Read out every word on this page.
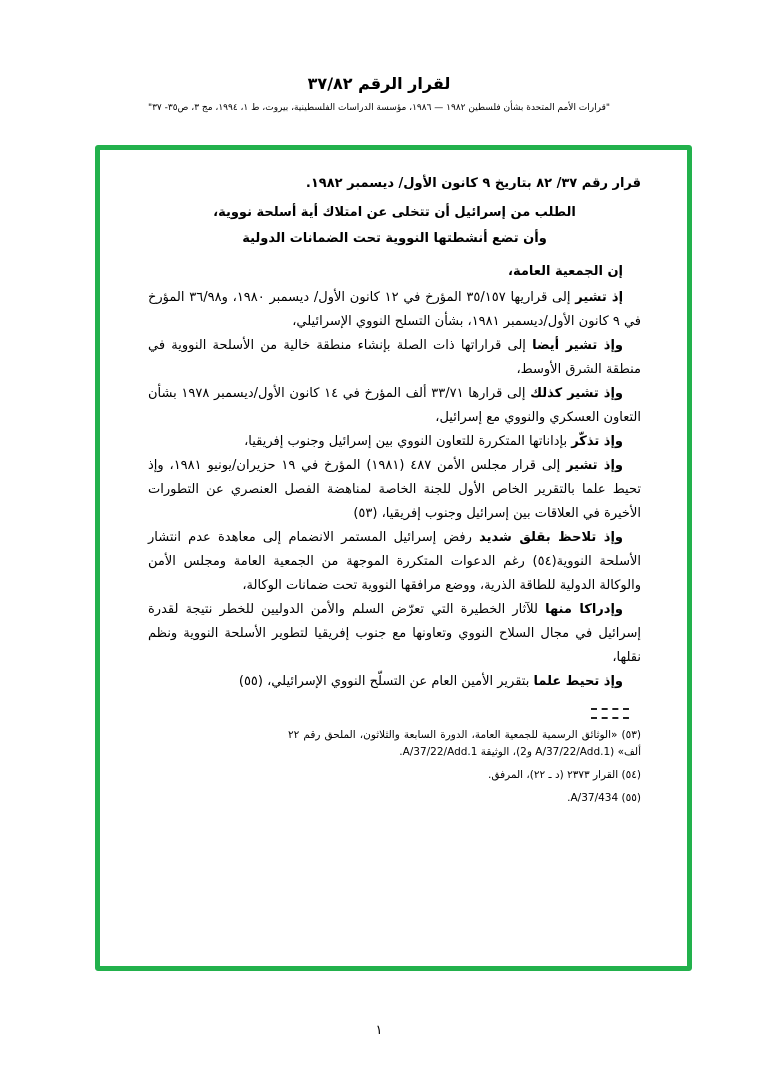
لقرار الرقم ٣٧/٨٢
"قرارات الأمم المتحدة بشأن فلسطين ١٩٨٢ — ١٩٨٦، مؤسسة الدراسات الفلسطينية، بيروت، ط ١، ١٩٩٤، مج ٣، ص٣٥- ٣٧"

قرار رقم ٣٧/ ٨٢ بتاريخ ٩ كانون الأول/ ديسمبر ١٩٨٢.

الطلب من إسرائيل أن تتخلى عن امتلاك أية أسلحة نووية،
وأن تضع أنشطتها النووية تحت الضمانات الدولية

إن الجمعية العامة،

إذ تشير إلى قراريها ٣٥/١٥٧ المؤرخ في ١٢ كانون الأول/ ديسمبر ١٩٨٠، و٣٦/٩٨ المؤرخ في ٩ كانون الأول/ديسمبر ١٩٨١، بشأن التسلح النووي الإسرائيلي،

وإذ تشير أيضا إلى قراراتها ذات الصلة بإنشاء منطقة خالية من الأسلحة النووية في منطقة الشرق الأوسط،

وإذ تشير كذلك إلى قرارها ٣٣/٧١ ألف المؤرخ في ١٤ كانون الأول/ديسمبر ١٩٧٨ بشأن التعاون العسكري والنووي مع إسرائيل،

وإذ تذكّر بإداناتها المتكررة للتعاون النووي بين إسرائيل وجنوب إفريقيا،

وإذ تشير إلى قرار مجلس الأمن ٤٨٧ (١٩٨١) المؤرخ في ١٩ حزيران/يونيو ١٩٨١، وإذ تحيط علما بالتقرير الخاص الأول للجنة الخاصة لمناهضة الفصل العنصري عن التطورات الأخيرة في العلاقات بين إسرائيل وجنوب إفريقيا، (٥٣)

وإذ تلاحظ بقلق شديد رفض إسرائيل المستمر الانضمام إلى معاهدة عدم انتشار الأسلحة النووية(٥٤) رغم الدعوات المتكررة الموجهة من الجمعية العامة ومجلس الأمن والوكالة الدولية للطاقة الذرية، ووضع مرافقها النووية تحت ضمانات الوكالة،

وإدراكا منها للآثار الخطيرة التي تعرّض السلم والأمن الدوليين للخطر نتيجة لقدرة إسرائيل في مجال السلاح النووي وتعاونها مع جنوب إفريقيا لتطوير الأسلحة النووية ونظم نقلها،

وإذ تحيط علما بتقرير الأمين العام عن التسلّح النووي الإسرائيلي، (٥٥)

(٥٣) «الوثائق الرسمية للجمعية العامة، الدورة السابعة والثلاثون، الملحق رقم ٢٢ ألف» (A/37/22/Add.1 و2)، الوثيقة A/37/22/Add.1.

(٥٤) القرار ٢٣٧٣ (د ـ ٢٢)، المرفق.

(٥٥) A/37/434.

١
